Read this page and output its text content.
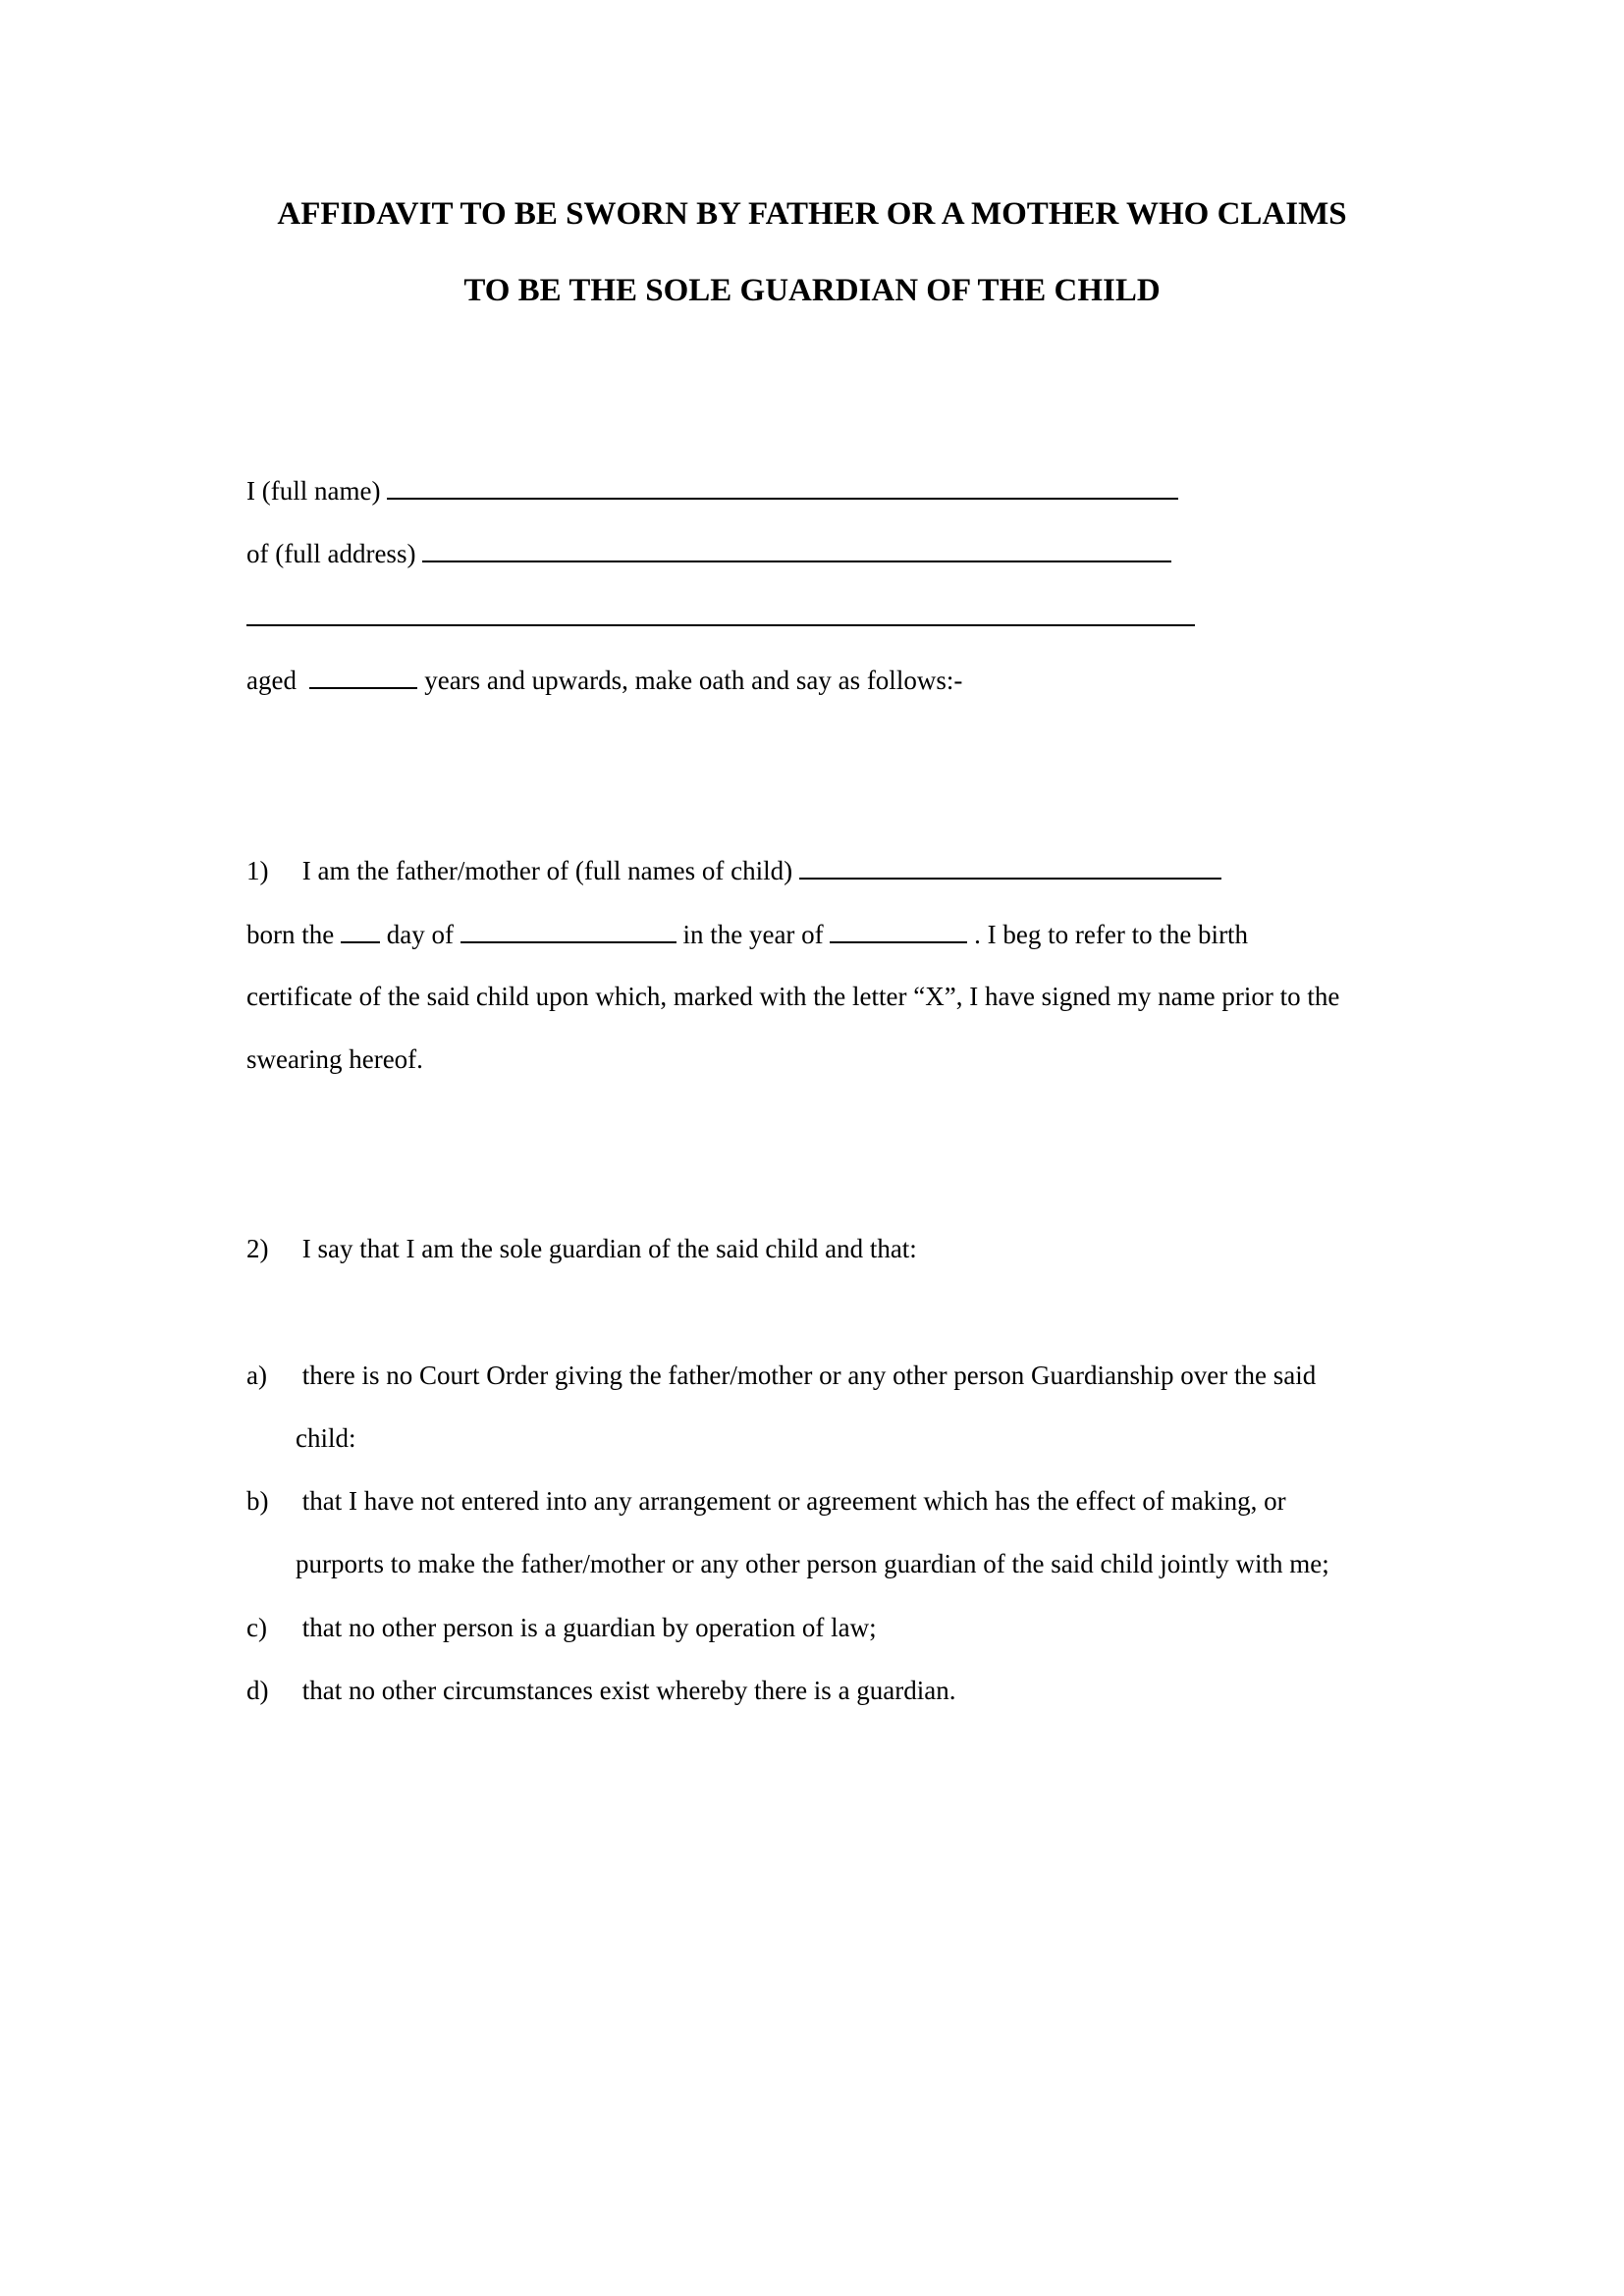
AFFIDAVIT TO BE SWORN BY FATHER OR A MOTHER WHO CLAIMS
TO BE THE SOLE GUARDIAN OF THE CHILD
I (full name)
of (full address)
aged	years and upwards, make oath and say as follows:-
1) I am the father/mother of (full names of child)
born the day of	in the year of	. I beg to refer to the birth
certificate of the said child upon which, marked with the letter “X”, I have signed my name prior to the
swearing hereof.
2) I say that I am the sole guardian of the said child and that:
a) there is no Court Order giving the father/mother or any other person Guardianship over the said
child:
b) that I have not entered into any arrangement or agreement which has the effect of making, or
purports to make the father/mother or any other person guardian of the said child jointly with me;
c) that no other person is a guardian by operation of law;
d) that no other circumstances exist whereby there is a guardian.
